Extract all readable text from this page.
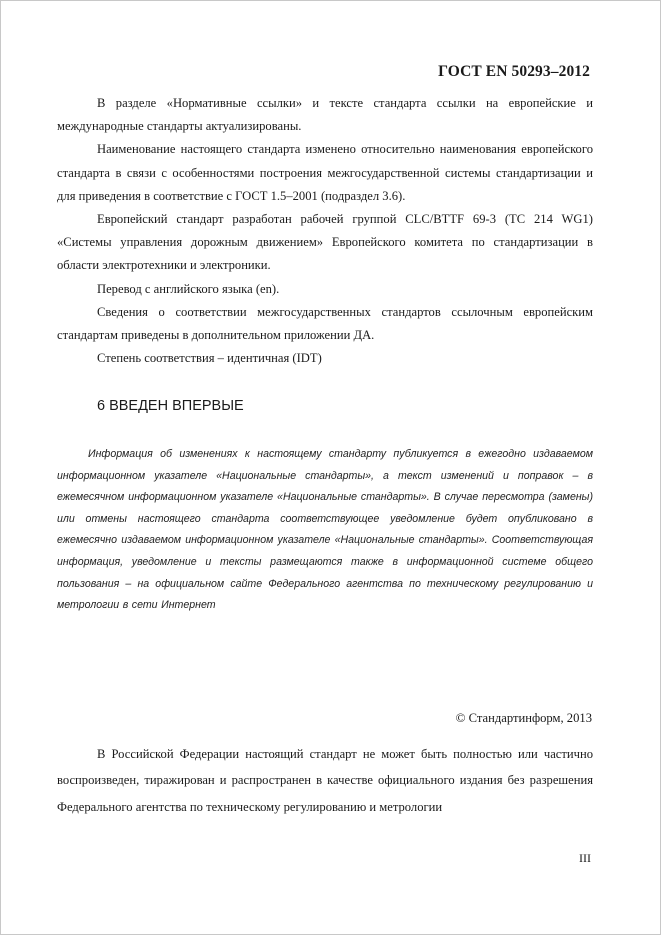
ГОСТ EN 50293–2012

В разделе «Нормативные ссылки» и тексте стандарта ссылки на европейские и международные стандарты актуализированы.

Наименование настоящего стандарта изменено относительно наименования европейского стандарта в связи с особенностями построения межгосударственной системы стандартизации и для приведения в соответствие с ГОСТ 1.5–2001 (подраздел 3.6).

Европейский стандарт разработан рабочей группой CLC/BTTF 69-3 (TC 214 WG1) «Системы управления дорожным движением» Европейского комитета по стандартизации в области электротехники и электроники.

Перевод с английского языка (en).

Сведения о соответствии межгосударственных стандартов ссылочным европейским стандартам приведены в дополнительном приложении ДА.

Степень соответствия – идентичная (IDT)

6 ВВЕДЕН ВПЕРВЫЕ
Информация об изменениях к настоящему стандарту публикуется в ежегодно издаваемом информационном указателе «Национальные стандарты», а текст изменений и поправок – в ежемесячном информационном указателе «Национальные стандарты». В случае пересмотра (замены) или отмены настоящего стандарта соответствующее уведомление будет опубликовано в ежемесячно издаваемом информационном указателе «Национальные стандарты». Соответствующая информация, уведомление и тексты размещаются также в информационной системе общего пользования – на официальном сайте Федерального агентства по техническому регулированию и метрологии в сети Интернет
© Стандартинформ, 2013
В Российской Федерации настоящий стандарт не может быть полностью или частично воспроизведен, тиражирован и распространен в качестве официального издания без разрешения Федерального агентства по техническому регулированию и метрологии
III
